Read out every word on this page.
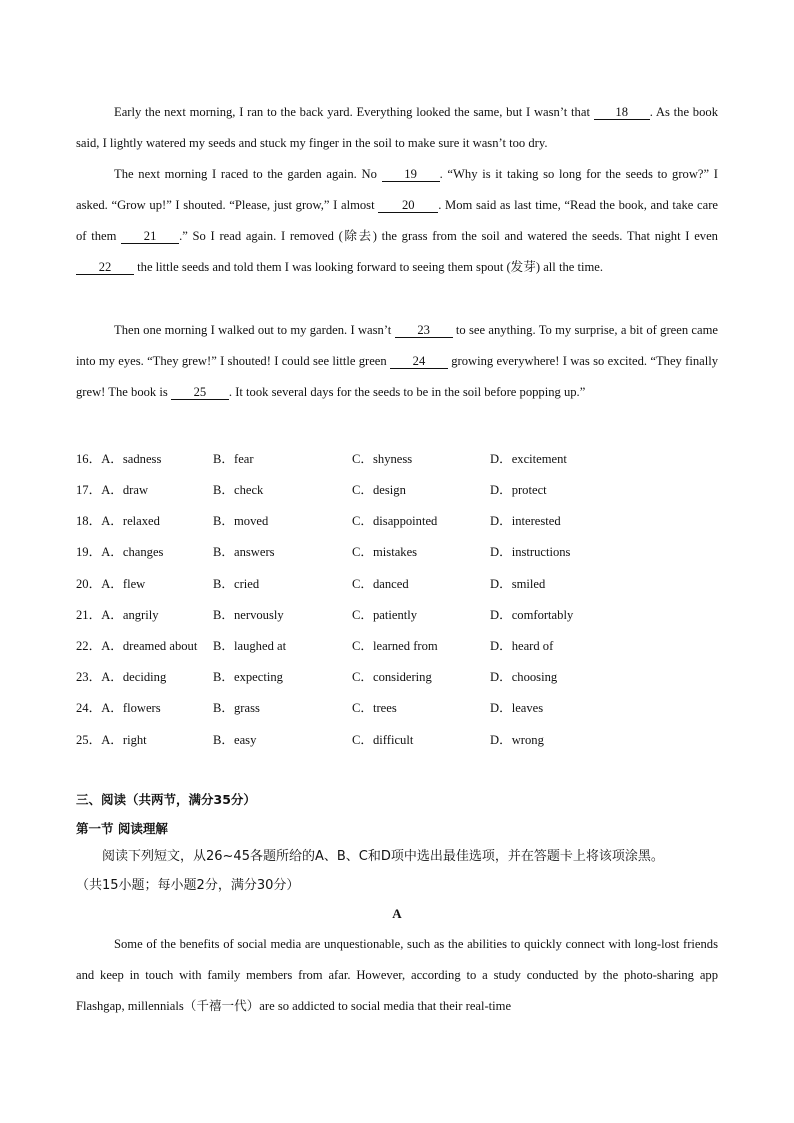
Early the next morning, I ran to the back yard. Everything looked the same, but I wasn’t that 18 . As the book said, I lightly watered my seeds and stuck my finger in the soil to make sure it wasn’t too dry.
The next morning I raced to the garden again. No 19 . “Why is it taking so long for the seeds to grow?” I asked. “Grow up!” I shouted. “Please, just grow,” I almost 20 . Mom said as last time, “Read the book, and take care of them 21 .” So I read again. I removed (除去) the grass from the soil and watered the seeds. That night I even 22 the little seeds and told them I was looking forward to seeing them spout (发芽) all the time.
Then one morning I walked out to my garden. I wasn’t 23 to see anything. To my surprise, a bit of green came into my eyes. “They grew!” I shouted! I could see little green 24 growing everywhere! I was so excited. “They finally grew! The book is 25 . It took several days for the seeds to be in the soil before popping up.”
16．A．sadness	B．fear	C．shyness	D．excitement
17．A．draw	B．check	C．design	D．protect
18．A．relaxed	B．moved	C．disappointed	D．interested
19．A．changes	B．answers	C．mistakes	D．instructions
20．A．flew	B．cried	C．danced	D．smiled
21．A．angrily	B．nervously	C．patiently	D．comfortably
22．A．dreamed about B．laughed at	C．learned from	D．heard of
23．A．deciding	B．expecting	C．considering	D．choosing
24．A．flowers	B．grass	C．trees	D．leaves
25．A．right	B．easy	C．difficult	D．wrong
三、阅读（共两节，满分35分）
第一节 阅读理解
阅读下列短文，从26~45各题所给的A、B、C和D项中选出最佳选项，并在答题卡上将该项涂黑。
（共15小题；每小题2分，满分30分）
A
Some of the benefits of social media are unquestionable, such as the abilities to quickly connect with long-lost friends and keep in touch with family members from afar. However, according to a study conducted by the photo-sharing app Flashgap, millennials（千禧一代）are so addicted to social media that their real-time
